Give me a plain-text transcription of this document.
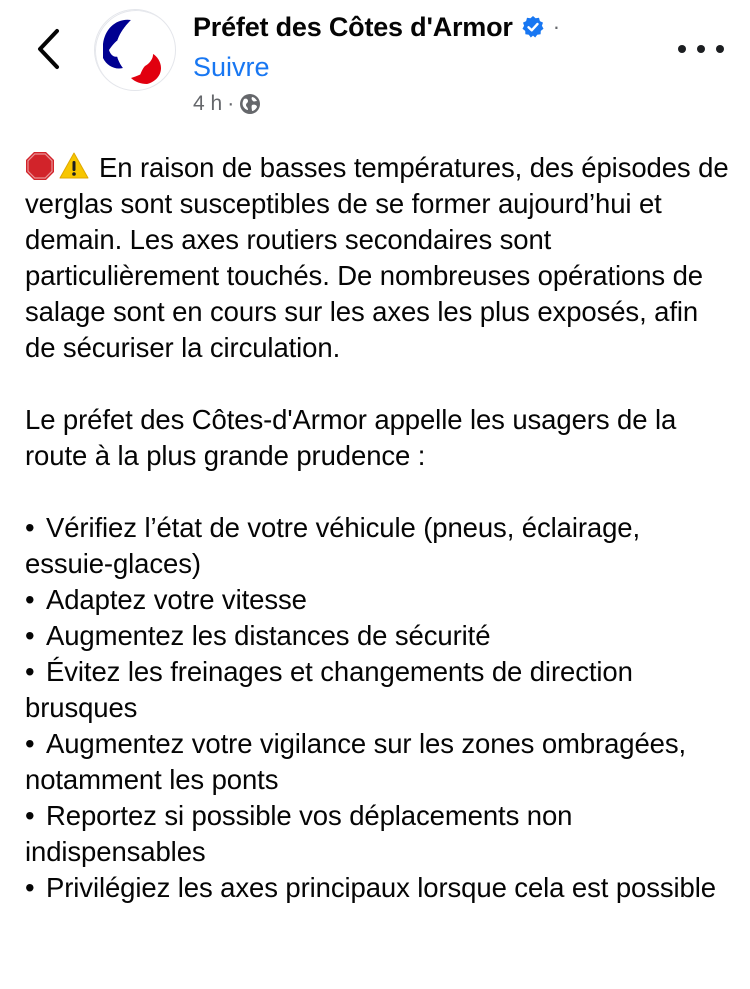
Préfet des Côtes d'Armor ·
Suivre
4 h ·

En raison de basses températures, des épisodes de verglas sont susceptibles de se former aujourd’hui et demain. Les axes routiers secondaires sont particulièrement touchés. De nombreuses opérations de salage sont en cours sur les axes les plus exposés, afin de sécuriser la circulation.

Le préfet des Côtes-d'Armor appelle les usagers de la route à la plus grande prudence :

• Vérifiez l’état de votre véhicule (pneus, éclairage, essuie-glaces)
• Adaptez votre vitesse
• Augmentez les distances de sécurité
• Évitez les freinages et changements de direction brusques
• Augmentez votre vigilance sur les zones ombragées, notamment les ponts
• Reportez si possible vos déplacements non indispensables
• Privilégiez les axes principaux lorsque cela est possible
